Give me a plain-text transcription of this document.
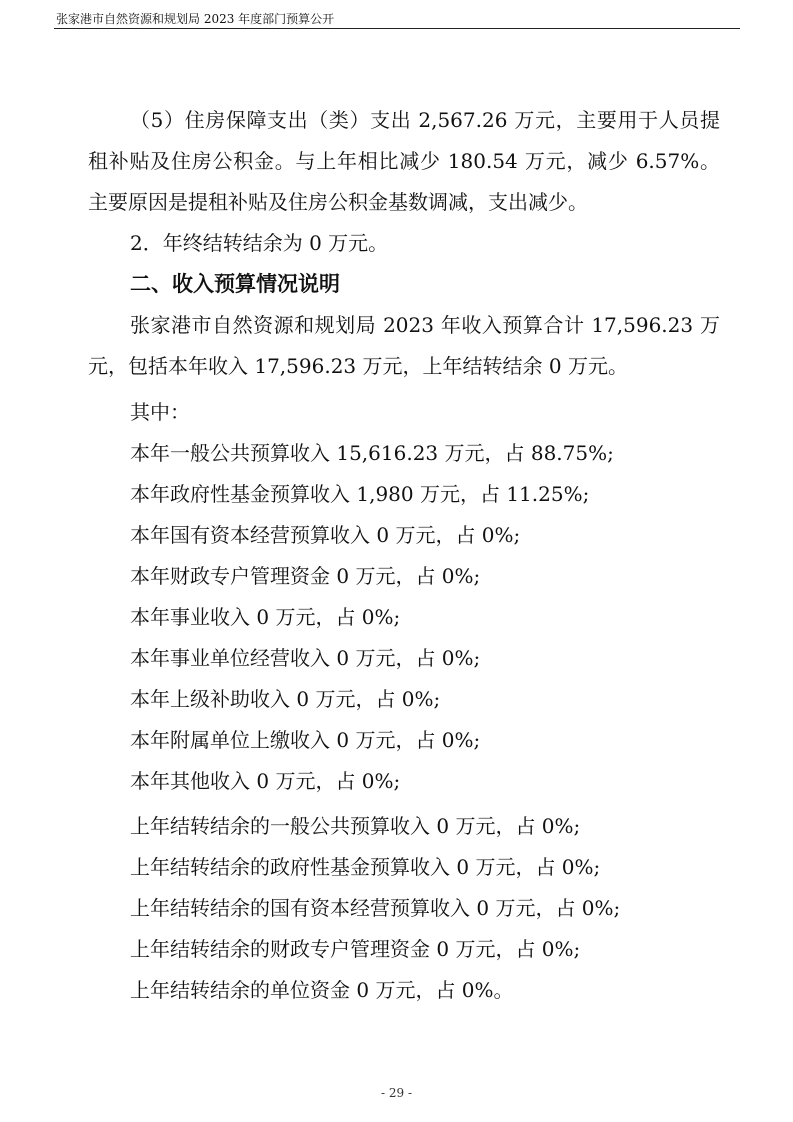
张家港市自然资源和规划局 2023 年度部门预算公开

（5）住房保障支出（类）支出 2,567.26 万元，主要用于人员提租补贴及住房公积金。与上年相比减少 180.54 万元，减少 6.57%。主要原因是提租补贴及住房公积金基数调减，支出减少。

2．年终结转结余为 0 万元。
二、收入预算情况说明

张家港市自然资源和规划局 2023 年收入预算合计 17,596.23 万元，包括本年收入 17,596.23 万元，上年结转结余 0 万元。

其中：
本年一般公共预算收入 15,616.23 万元，占 88.75%;
本年政府性基金预算收入 1,980 万元，占 11.25%;
本年国有资本经营预算收入 0 万元，占 0%;
本年财政专户管理资金 0 万元，占 0%;
本年事业收入 0 万元，占 0%;
本年事业单位经营收入 0 万元，占 0%;
本年上级补助收入 0 万元，占 0%;
本年附属单位上缴收入 0 万元，占 0%;
本年其他收入 0 万元，占 0%;
上年结转结余的一般公共预算收入 0 万元，占 0%;
上年结转结余的政府性基金预算收入 0 万元，占 0%;
上年结转结余的国有资本经营预算收入 0 万元，占 0%;
上年结转结余的财政专户管理资金 0 万元，占 0%;
上年结转结余的单位资金 0 万元，占 0%。
- 29 -
